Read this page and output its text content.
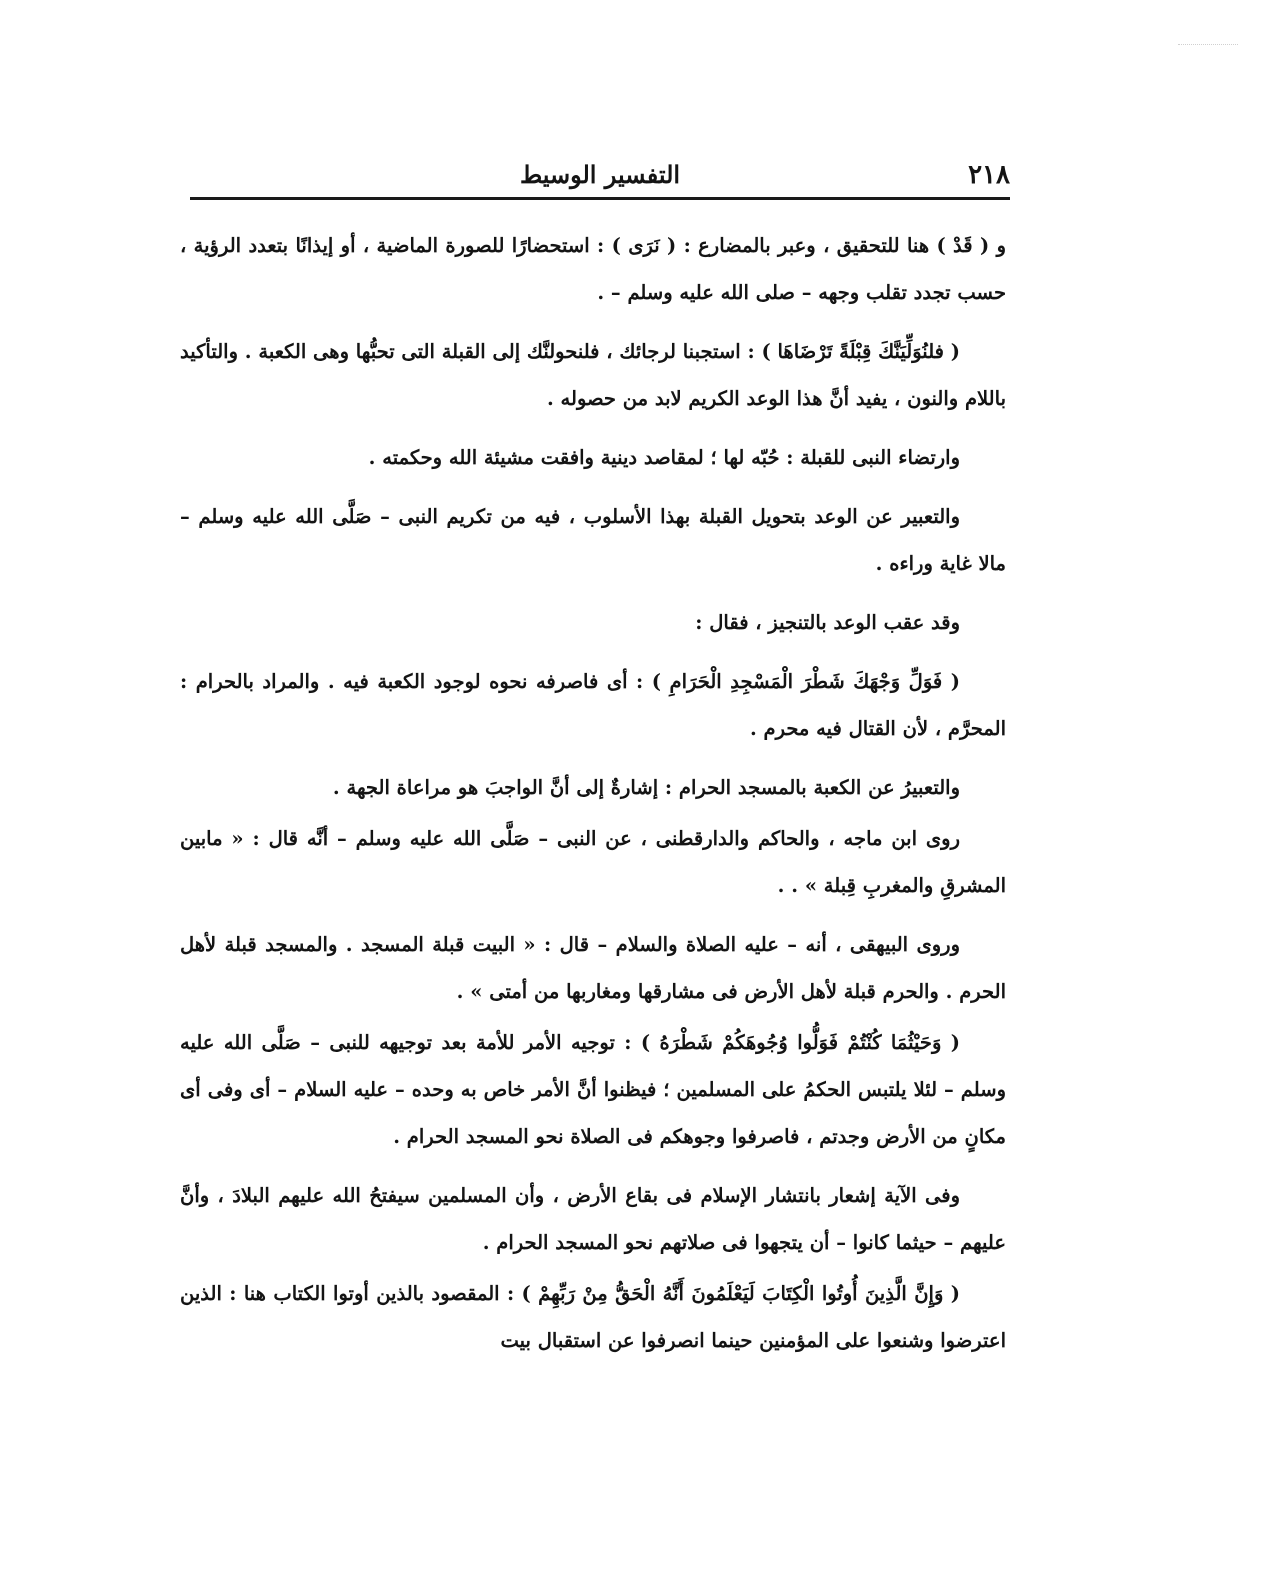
٢١٨
التفسير الوسيط

و ( قَدْ ) هنا للتحقيق ، وعبر بالمضارع : ( نَرَى ) : استحضارًا للصورة الماضية ، أو إيذانًا بتعدد الرؤية ، حسب تجدد تقلب وجهه – صلى الله عليه وسلم – .

( فلنُوَلِّيَنَّكَ قِبْلَةً تَرْضَاهَا ) : استجبنا لرجائك ، فلنحولنَّك إلى القبلة التى تحبُّها وهى الكعبة . والتأكيد باللام والنون ، يفيد أنَّ هذا الوعد الكريم لابد من حصوله .

وارتضاء النبى للقبلة : حُبّه لها ؛ لمقاصد دينية وافقت مشيئة الله وحكمته .

والتعبير عن الوعد بتحويل القبلة بهذا الأسلوب ، فيه من تكريم النبى – صَلَّى الله عليه وسلم – مالا غاية وراءه .

وقد عقب الوعد بالتنجيز ، فقال :

( فَوَلِّ وَجْهَكَ شَطْرَ الْمَسْجِدِ الْحَرَامِ ) : أى فاصرفه نحوه لوجود الكعبة فيه . والمراد بالحرام : المحرَّم ، لأن القتال فيه محرم .

والتعبيرُ عن الكعبة بالمسجد الحرام : إشارةٌ إلى أنَّ الواجبَ هو مراعاة الجهة .

روى ابن ماجه ، والحاكم والدارقطنى ، عن النبى – صَلَّى الله عليه وسلم – أنَّه قال : « مابين المشرقِ والمغربِ قِبلة » . .

وروى البيهقى ، أنه – عليه الصلاة والسلام – قال : « البيت قبلة المسجد . والمسجد قبلة لأهل الحرم . والحرم قبلة لأهل الأرض فى مشارقها ومغاربها من أمتى » .

( وَحَيْثُمَا كُنْتُمْ فَوَلُّوا وُجُوهَكُمْ شَطْرَهُ ) : توجيه الأمر للأمة بعد توجيهه للنبى – صَلَّى الله عليه وسلم – لئلا يلتبس الحكمُ على المسلمين ؛ فيظنوا أنَّ الأمر خاص به وحده – عليه السلام – أى وفى أى مكانٍ من الأرض وجدتم ، فاصرفوا وجوهكم فى الصلاة نحو المسجد الحرام .

وفى الآية إشعار بانتشار الإسلام فى بقاع الأرض ، وأن المسلمين سيفتحُ الله عليهم البلادَ ، وأنَّ عليهم – حيثما كانوا – أن يتجهوا فى صلاتهم نحو المسجد الحرام .

( وَإِنَّ الَّذِينَ أُوتُوا الْكِتَابَ لَيَعْلَمُونَ أَنَّهُ الْحَقُّ مِنْ رَبِّهِمْ ) : المقصود بالذين أوتوا الكتاب هنا : الذين اعترضوا وشنعوا على المؤمنين حينما انصرفوا عن استقبال بيت
